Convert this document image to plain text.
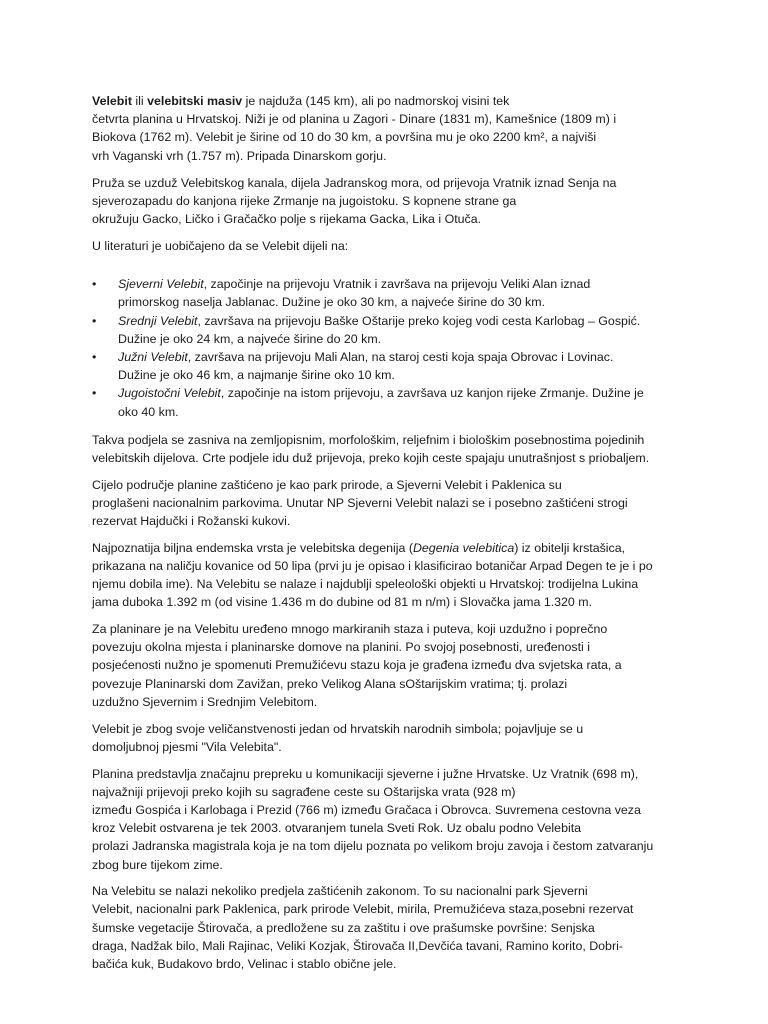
Velebit ili velebitski masiv je najduža (145 km), ali po nadmorskoj visini tek
četvrta planina u Hrvatskoj. Niži je od planina u Zagori - Dinare (1831 m), Kamešnice (1809 m) i
Biokova (1762 m). Velebit je širine od 10 do 30 km, a površina mu je oko 2200 km², a najviši
vrh Vaganski vrh (1.757 m). Pripada Dinarskom gorju.

Pruža se uzduž Velebitskog kanala, dijela Jadranskog mora, od prijevoja Vratnik iznad Senja na
sjeverozapadu do kanjona rijeke Zrmanje na jugoistoku. S kopnene strane ga
okružuju Gacko, Ličko i Gračačko polje s rijekama Gacka, Lika i Otuča.

U literaturi je uobičajeno da se Velebit dijeli na:

•	Sjeverni Velebit, započinje na prijevoju Vratnik i završava na prijevoju Veliki Alan iznad
primorskog naselja Jablanac. Dužine je oko 30 km, a najveće širine do 30 km.
•	Srednji Velebit, završava na prijevoju Baške Oštarije preko kojeg vodi cesta Karlobag – Gospić.
Dužine je oko 24 km, a najveće širine do 20 km.
•	Južni Velebit, završava na prijevoju Mali Alan, na staroj cesti koja spaja Obrovac i Lovinac.
Dužine je oko 46 km, a najmanje širine oko 10 km.
•	Jugoistočni Velebit, započinje na istom prijevoju, a završava uz kanjon rijeke Zrmanje. Dužine je
oko 40 km.

Takva podjela se zasniva na zemljopisnim, morfološkim, reljefnim i biološkim posebnostima pojedinih
velebitskih dijelova. Crte podjele idu duž prijevoja, preko kojih ceste spajaju unutrašnjost s priobaljem.

Cijelo područje planine zaštićeno je kao park prirode, a Sjeverni Velebit i Paklenica su
proglašeni nacionalnim parkovima. Unutar NP Sjeverni Velebit nalazi se i posebno zaštićeni strogi
rezervat Hajdučki i Rožanski kukovi.

Najpoznatija biljna endemska vrsta je velebitska degenija (Degenia velebitica) iz obitelji krstašica,
prikazana na naličju kovanice od 50 lipa (prvi ju je opisao i klasificirao botaničar Arpad Degen te je i po
njemu dobila ime). Na Velebitu se nalaze i najdublji speleološki objekti u Hrvatskoj: trodijelna Lukina
jama duboka 1.392 m (od visine 1.436 m do dubine od 81 m n/m) i Slovačka jama 1.320 m.

Za planinare je na Velebitu uređeno mnogo markiranih staza i puteva, koji uzdužno i poprečno
povezuju okolna mjesta i planinarske domove na planini. Po svojoj posebnosti, uređenosti i
posjećenosti nužno je spomenuti Premužićevu stazu koja je građena između dva svjetska rata, a
povezuje Planinarski dom Zavižan, preko Velikog Alana sOštarijskim vratima; tj. prolazi
uzdužno Sjevernim i Srednjim Velebitom.

Velebit je zbog svoje veličanstvenosti jedan od hrvatskih narodnih simbola; pojavljuje se u
domoljubnoj pjesmi "Vila Velebita".

Planina predstavlja značajnu prepreku u komunikaciji sjeverne i južne Hrvatske. Uz Vratnik (698 m),
najvažniji prijevoji preko kojih su sagrađene ceste su Oštarijska vrata (928 m)
između Gospića i Karlobaga i Prezid (766 m) između Gračaca i Obrovca. Suvremena cestovna veza
kroz Velebit ostvarena je tek 2003. otvaranjem tunela Sveti Rok. Uz obalu podno Velebita
prolazi Jadranska magistrala koja je na tom dijelu poznata po velikom broju zavoja i čestom zatvaranju
zbog bure tijekom zime.

Na Velebitu se nalazi nekoliko predjela zaštićenih zakonom. To su nacionalni park Sjeverni
Velebit, nacionalni park Paklenica, park prirode Velebit, mirila, Premužićeva staza,posebni rezervat
šumske vegetacije Štirovača, a predložene su za zaštitu i ove prašumske površine: Senjska
draga, Nadžak bilo, Mali Rajinac, Veliki Kozjak, Štirovača II,Devčića tavani, Ramino korito, Dobri-
bačića kuk, Budakovo brdo, Velinac i stablo obične jele.
